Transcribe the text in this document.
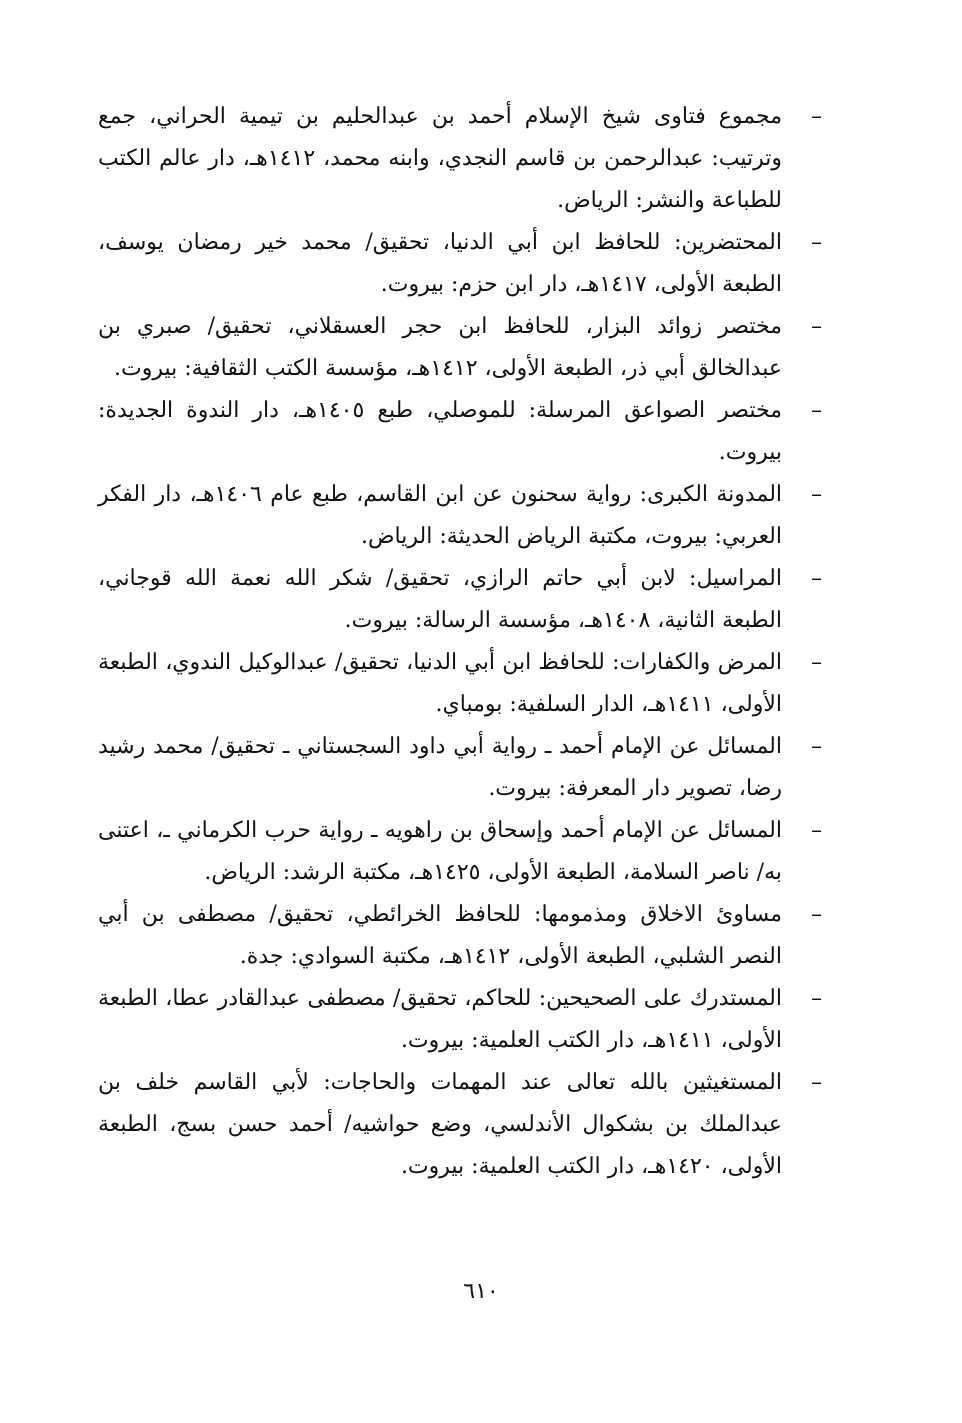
–
مجموع فتاوى شيخ الإسلام أحمد بن عبدالحليم بن تيمية الحراني، جمع وترتيب: عبدالرحمن بن قاسم النجدي، وابنه محمد، ١٤١٢هـ، دار عالم الكتب للطباعة والنشر: الرياض.
–
المحتضرين: للحافظ ابن أبي الدنيا، تحقيق/ محمد خير رمضان يوسف، الطبعة الأولى، ١٤١٧هـ، دار ابن حزم: بيروت.
–
مختصر زوائد البزار، للحافظ ابن حجر العسقلاني، تحقيق/ صبري بن عبدالخالق أبي ذر، الطبعة الأولى، ١٤١٢هـ، مؤسسة الكتب الثقافية: بيروت.
–
مختصر الصواعق المرسلة: للموصلي، طبع ١٤٠٥هـ، دار الندوة الجديدة: بيروت.
–
المدونة الكبرى: رواية سحنون عن ابن القاسم، طبع عام ١٤٠٦هـ، دار الفكر العربي: بيروت، مكتبة الرياض الحديثة: الرياض.
–
المراسيل: لابن أبي حاتم الرازي، تحقيق/ شكر الله نعمة الله قوجاني، الطبعة الثانية، ١٤٠٨هـ، مؤسسة الرسالة: بيروت.
–
المرض والكفارات: للحافظ ابن أبي الدنيا، تحقيق/ عبدالوكيل الندوي، الطبعة الأولى، ١٤١١هـ، الدار السلفية: بومباي.
–
المسائل عن الإمام أحمد ـ رواية أبي داود السجستاني ـ تحقيق/ محمد رشيد رضا، تصوير دار المعرفة: بيروت.
–
المسائل عن الإمام أحمد وإسحاق بن راهويه ـ رواية حرب الكرماني ـ، اعتنى به/ ناصر السلامة، الطبعة الأولى، ١٤٢٥هـ، مكتبة الرشد: الرياض.
–
مساوئ الاخلاق ومذمومها: للحافظ الخرائطي، تحقيق/ مصطفى بن أبي النصر الشلبي، الطبعة الأولى، ١٤١٢هـ، مكتبة السوادي: جدة.
–
المستدرك على الصحيحين: للحاكم، تحقيق/ مصطفى عبدالقادر عطا، الطبعة الأولى، ١٤١١هـ، دار الكتب العلمية: بيروت.
–
المستغيثين بالله تعالى عند المهمات والحاجات: لأبي القاسم خلف بن عبدالملك بن بشكوال الأندلسي، وضع حواشيه/ أحمد حسن بسج، الطبعة الأولى، ١٤٢٠هـ، دار الكتب العلمية: بيروت.
٦١٠
